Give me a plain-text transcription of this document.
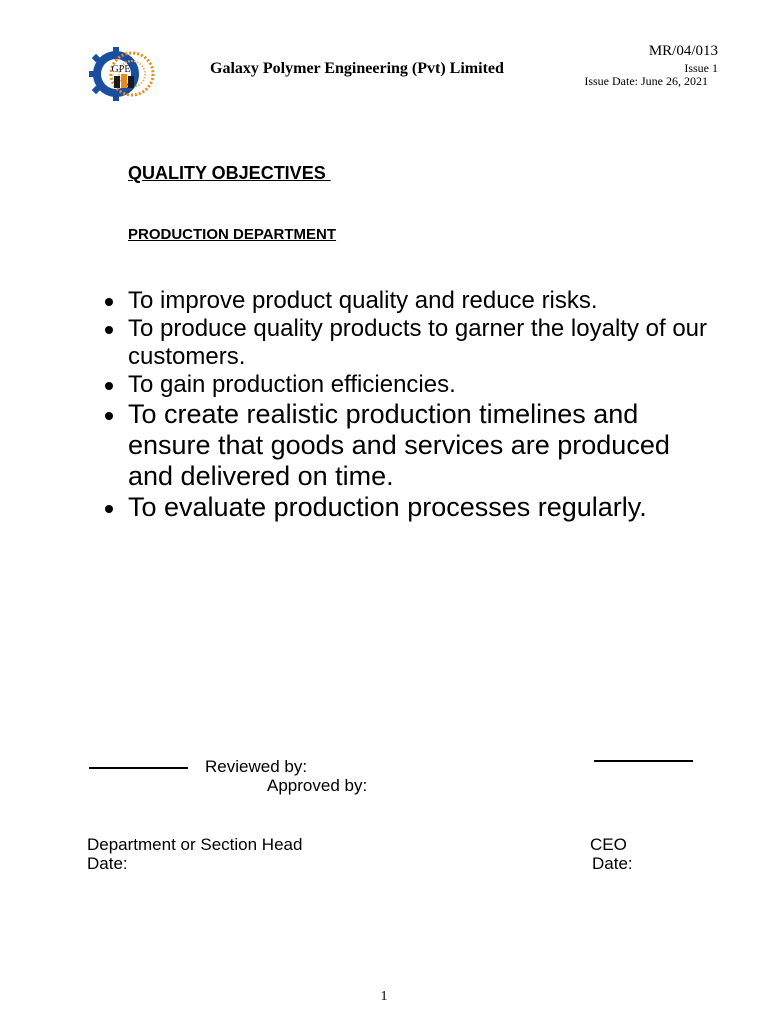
GPE	Galaxy Polymer Engineering (Pvt) Limited
MR/04/013
Issue 1
Issue Date: June 26, 2021
QUALITY OBJECTIVES
PRODUCTION DEPARTMENT
To improve product quality and reduce risks.
To produce quality products to garner the loyalty of our customers.
To gain production efficiencies.
To create realistic production timelines and ensure that goods and services are produced and delivered on time.
To evaluate production processes regularly.
Reviewed by:
Approved by:
Department or Section Head
Date:
CEO
Date:
1
